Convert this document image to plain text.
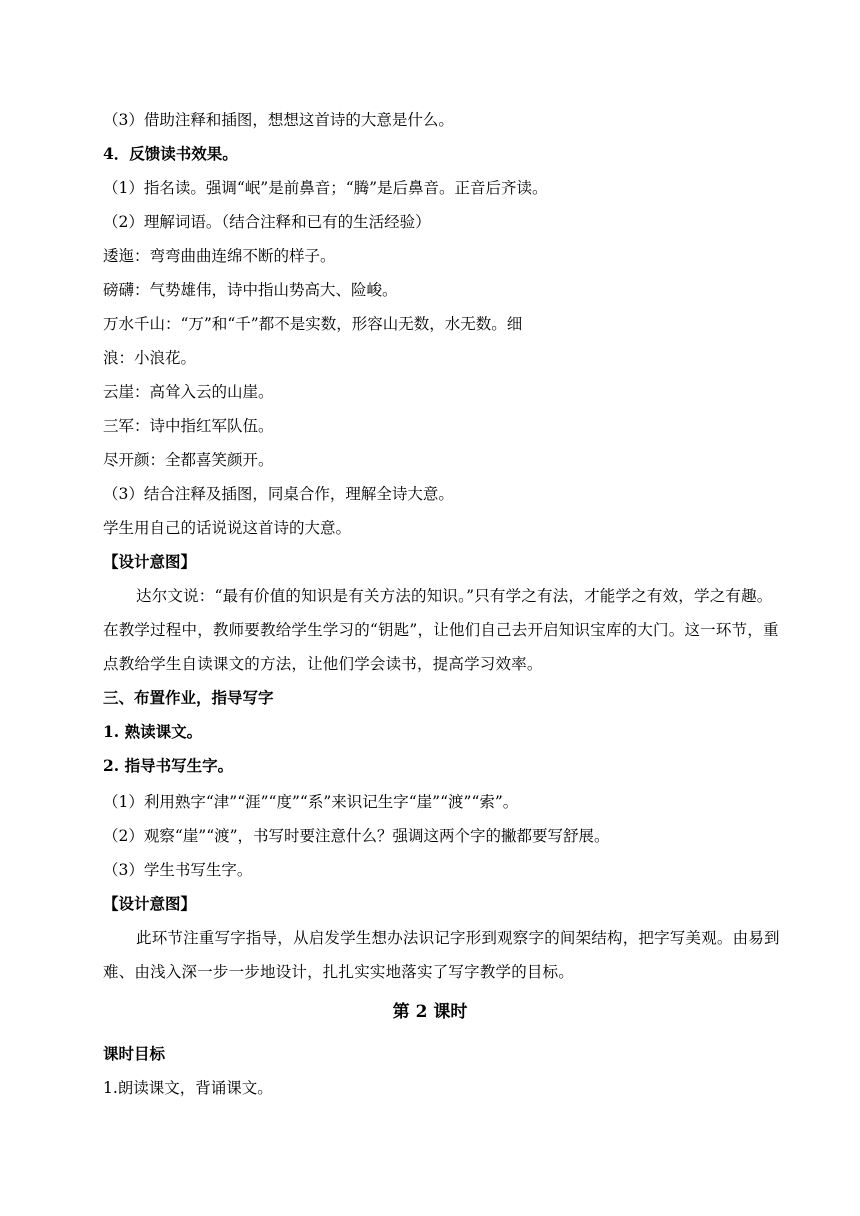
（3）借助注释和插图，想想这首诗的大意是什么。

4．反馈读书效果。

（1）指名读。强调“岷”是前鼻音；“腾”是后鼻音。正音后齐读。

（2）理解词语。（结合注释和已有的生活经验）

逶迤：弯弯曲曲连绵不断的样子。

磅礴：气势雄伟，诗中指山势高大、险峻。

万水千山：“万”和“千”都不是实数，形容山无数，水无数。细

浪：小浪花。

云崖：高耸入云的山崖。

三军：诗中指红军队伍。

尽开颜：全都喜笑颜开。

（3）结合注释及插图，同桌合作，理解全诗大意。

学生用自己的话说说这首诗的大意。

【设计意图】

达尔文说：“最有价值的知识是有关方法的知识。”只有学之有法，才能学之有效，学之有趣。在教学过程中，教师要教给学生学习的“钥匙”，让他们自己去开启知识宝库的大门。这一环节，重点教给学生自读课文的方法，让他们学会读书，提高学习效率。

三、布置作业，指导写字

1. 熟读课文。

2. 指导书写生字。

（1）利用熟字“津”“涯”“度”“系”来识记生字“崖”“渡”“索”。

（2）观察“崖”“渡”，书写时要注意什么？强调这两个字的撇都要写舒展。

（3）学生书写生字。

【设计意图】

此环节注重写字指导，从启发学生想办法识记字形到观察字的间架结构，把字写美观。由易到难、由浅入深一步一步地设计，扎扎实实地落实了写字教学的目标。

第 2 课时

课时目标

1.朗读课文，背诵课文。
